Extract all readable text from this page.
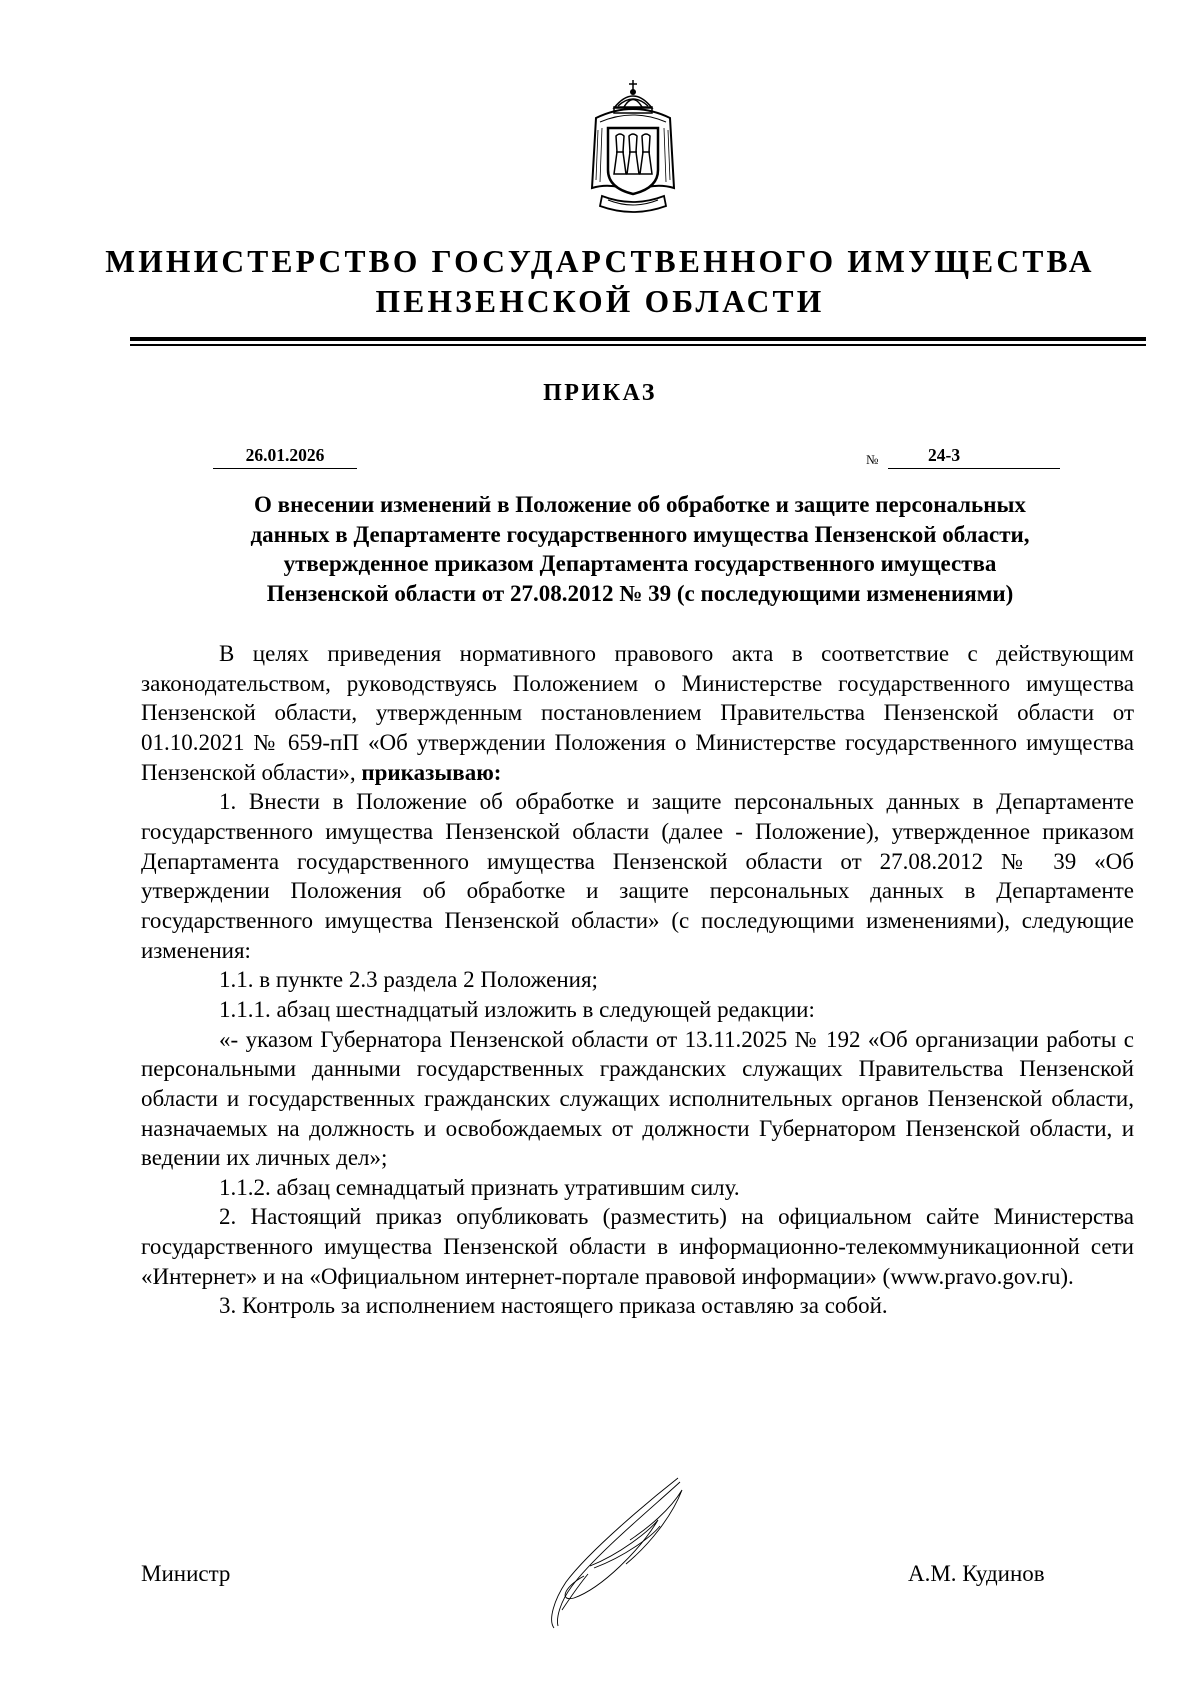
МИНИСТЕРСТВО ГОСУДАРСТВЕННОГО ИМУЩЕСТВА
ПЕНЗЕНСКОЙ ОБЛАСТИ
ПРИКАЗ
26.01.2026	№	24-3
О внесении изменений в Положение об обработке и защите персональных
данных в Департаменте государственного имущества Пензенской области,
утвержденное приказом Департамента государственного имущества
Пензенской области от 27.08.2012 № 39 (с последующими изменениями)

В целях приведения нормативного правового акта в соответствие с действующим законодательством, руководствуясь Положением о Министерстве государственного имущества Пензенской области, утвержденным постановлением Правительства Пензенской области от 01.10.2021 № 659-пП «Об утверждении Положения о Министерстве государственного имущества Пензенской области», приказываю:

1. Внести в Положение об обработке и защите персональных данных в Департаменте государственного имущества Пензенской области (далее - Положение), утвержденное приказом Департамента государственного имущества Пензенской области от 27.08.2012 № 39 «Об утверждении Положения об обработке и защите персональных данных в Департаменте государственного имущества Пензенской области» (с последующими изменениями), следующие изменения:

1.1. в пункте 2.3 раздела 2 Положения;

1.1.1. абзац шестнадцатый изложить в следующей редакции:

«- указом Губернатора Пензенской области от 13.11.2025 № 192 «Об организации работы с персональными данными государственных гражданских служащих Правительства Пензенской области и государственных гражданских служащих исполнительных органов Пензенской области, назначаемых на должность и освобождаемых от должности Губернатором Пензенской области, и ведении их личных дел»;

1.1.2. абзац семнадцатый признать утратившим силу.

2. Настоящий приказ опубликовать (разместить) на официальном сайте Министерства государственного имущества Пензенской области в информационно-телекоммуникационной сети «Интернет» и на «Официальном интернет-портале правовой информации» (www.pravo.gov.ru).

3. Контроль за исполнением настоящего приказа оставляю за собой.

Министр	А.М. Кудинов
